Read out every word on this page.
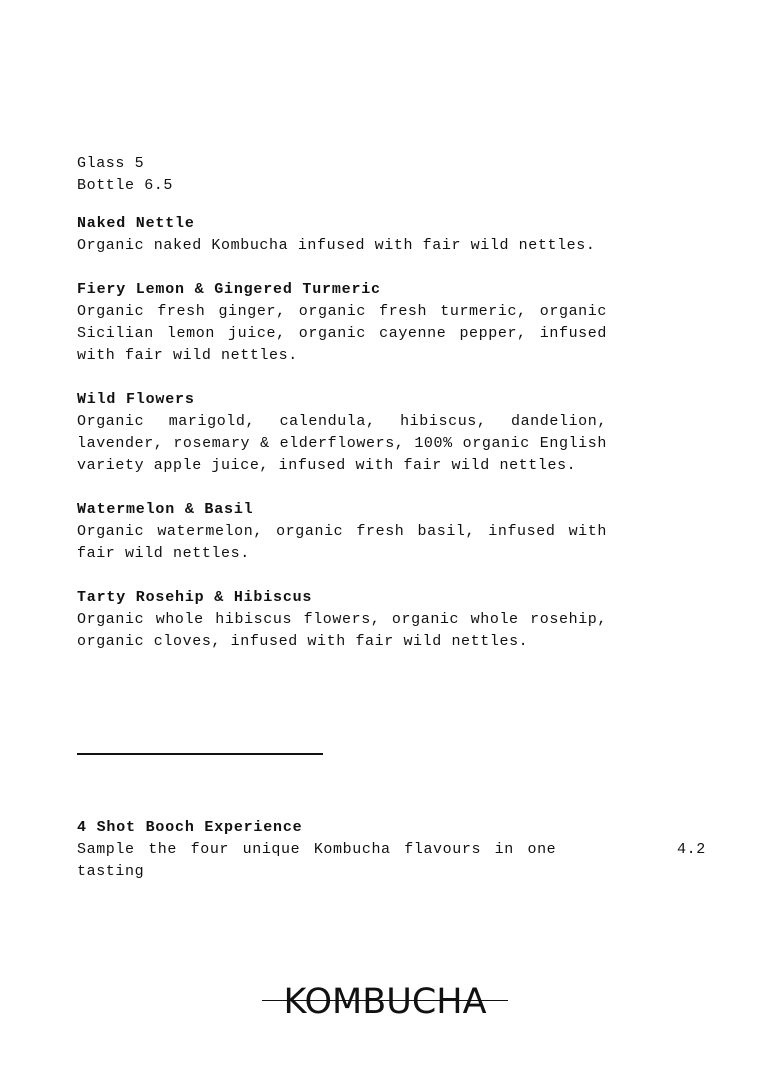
Glass 5
Bottle 6.5
Naked Nettle
Organic naked Kombucha infused with fair wild nettles.
Fiery Lemon & Gingered Turmeric
Organic fresh ginger, organic fresh turmeric, organic Sicilian lemon juice, organic cayenne pepper, infused with fair wild nettles.
Wild Flowers
Organic marigold, calendula, hibiscus, dandelion, lavender, rosemary & elderflowers, 100% organic English variety apple juice, infused with fair wild nettles.
Watermelon & Basil
Organic watermelon, organic fresh basil, infused with fair wild nettles.
Tarty Rosehip & Hibiscus
Organic whole hibiscus flowers, organic whole rosehip, organic cloves, infused with fair wild nettles.
4 Shot Booch Experience
Sample the four unique Kombucha flavours in one tasting
4.2
KOMBUCHA
